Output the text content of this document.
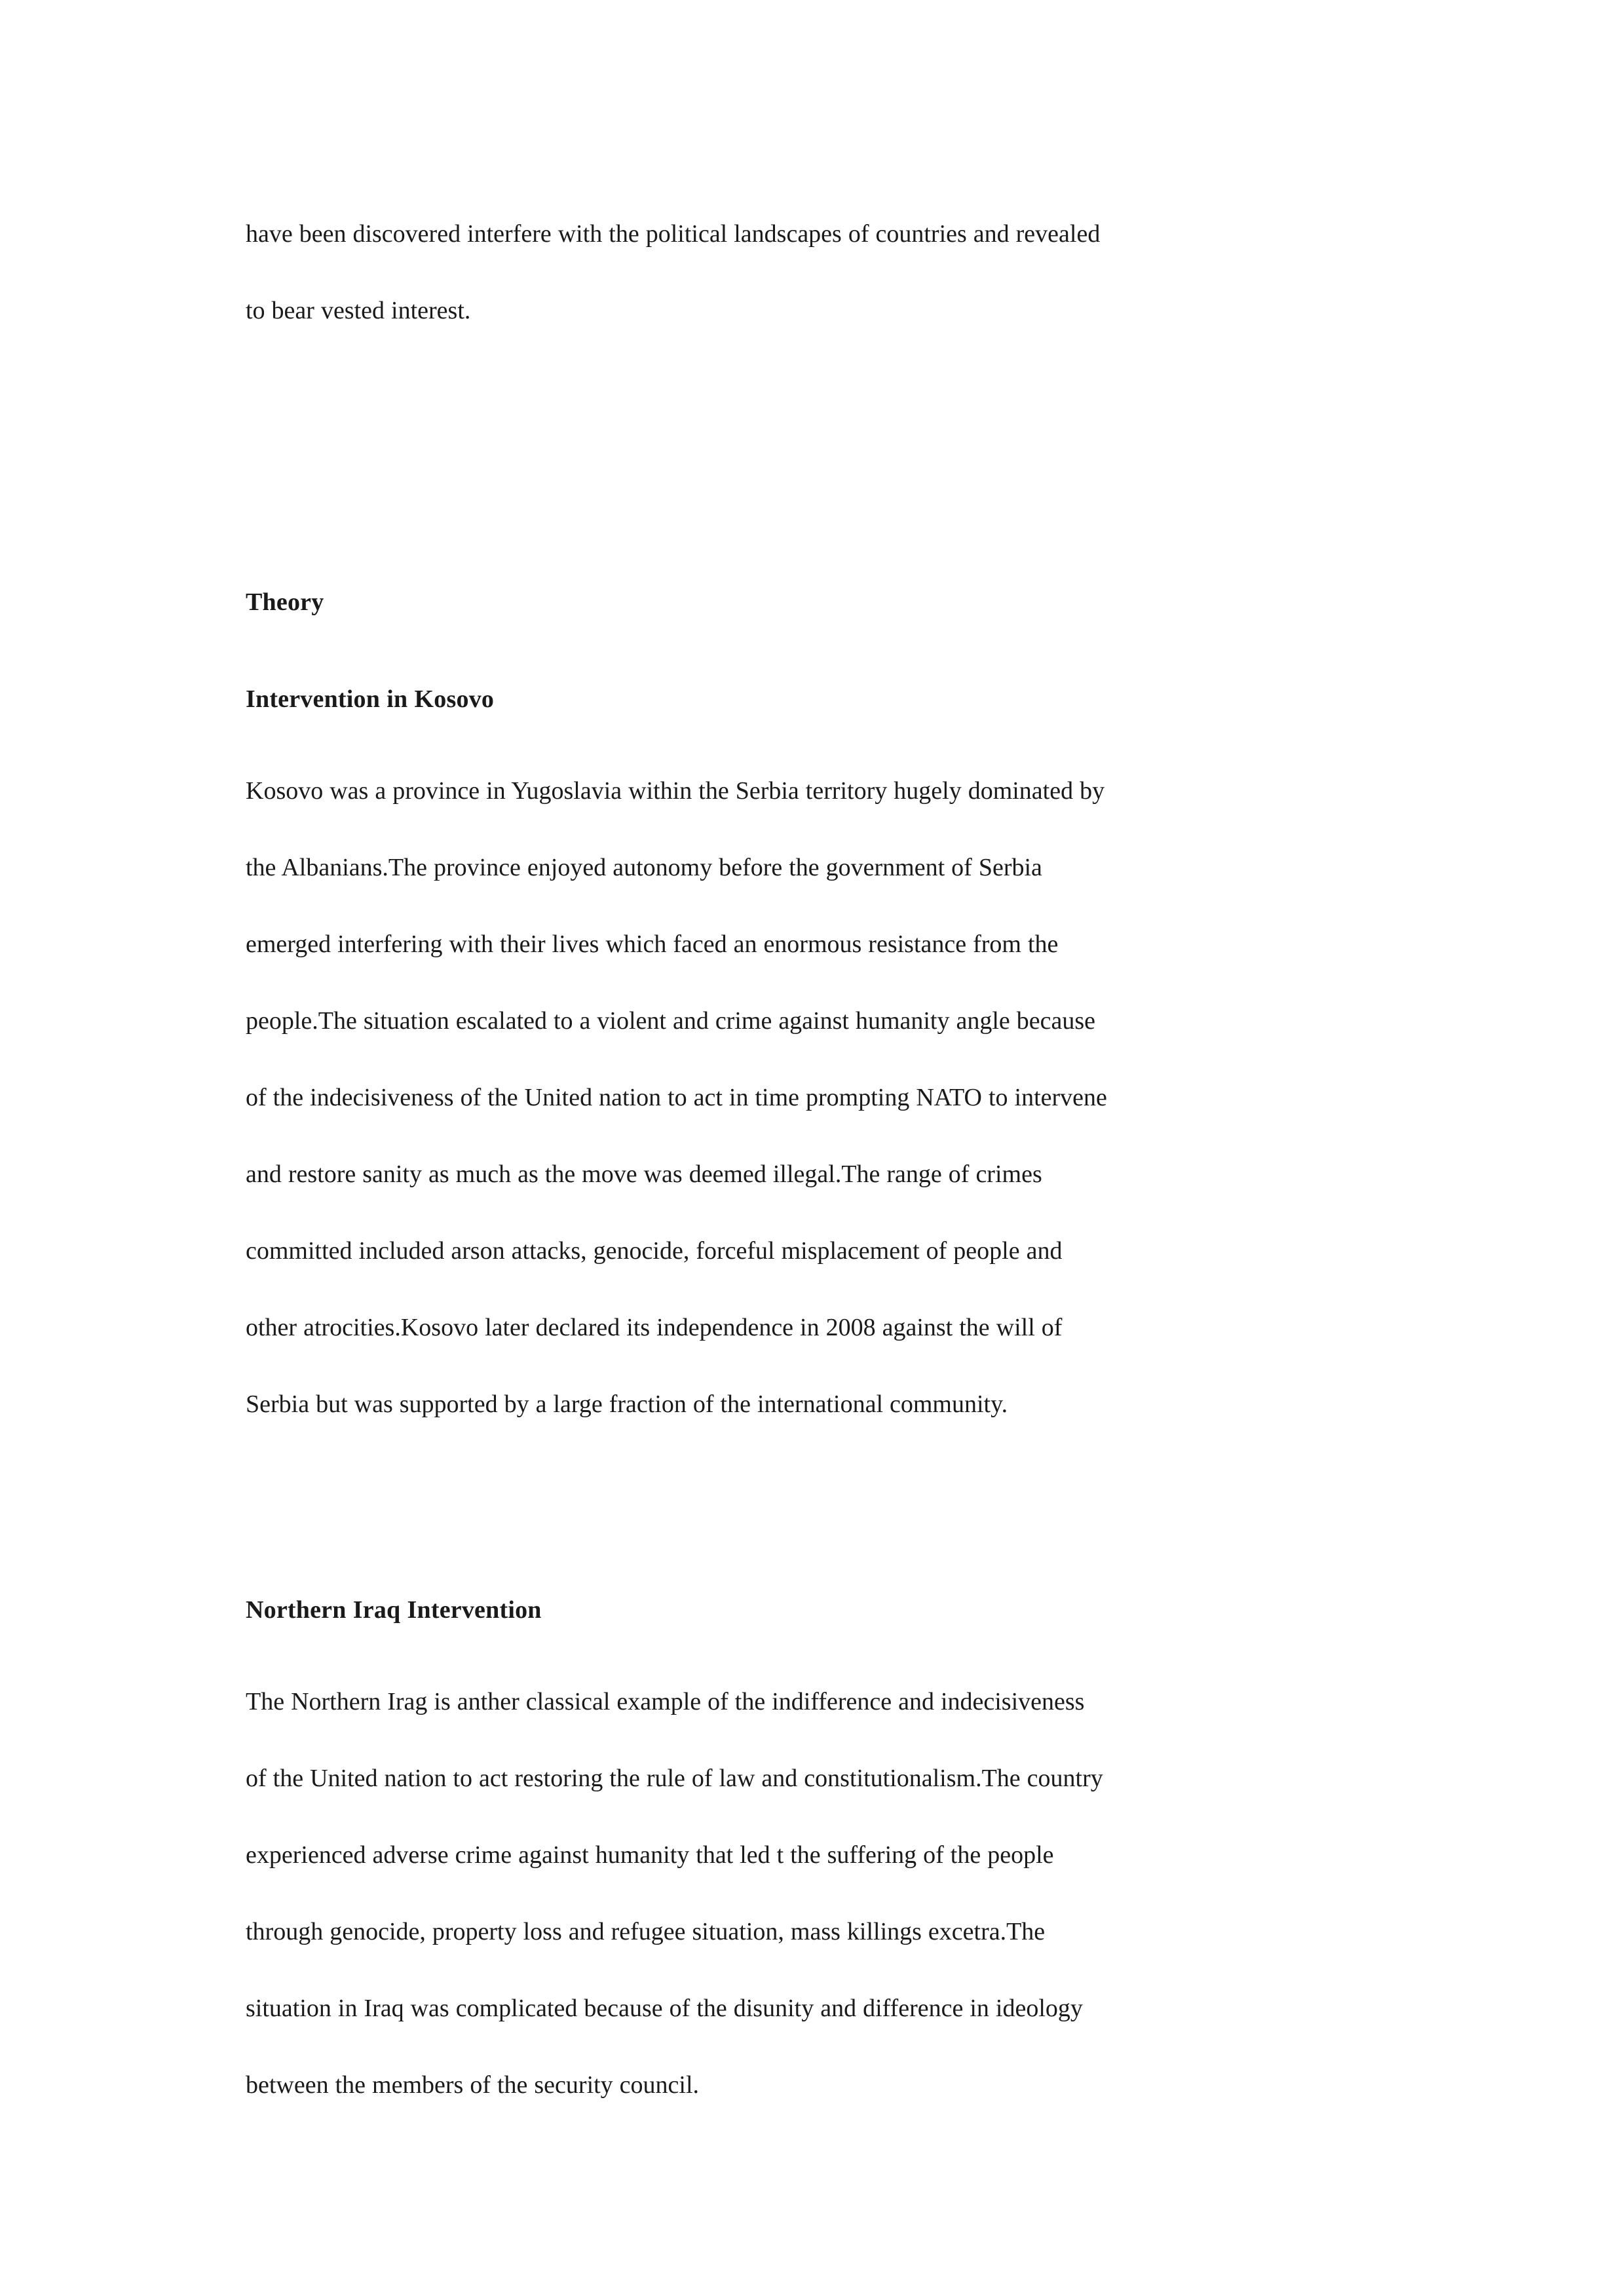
have been discovered interfere with the political landscapes of countries and revealed
to bear vested interest.

Theory
Intervention in Kosovo

Kosovo was a province in Yugoslavia within the Serbia territory hugely dominated by
the Albanians.The province enjoyed autonomy before the government of Serbia
emerged interfering with their lives which faced an enormous resistance from the
people.The situation escalated to a violent and crime against humanity angle because
of the indecisiveness of the United nation to act in time prompting NATO to intervene
and restore sanity as much as the move was deemed illegal.The range of crimes
committed included arson attacks, genocide, forceful misplacement of people and
other atrocities.Kosovo later declared its independence in 2008 against the will of
Serbia but was supported by a large fraction of the international community.

Northern Iraq Intervention

The Northern Irag is anther classical example of the indifference and indecisiveness
of the United nation to act restoring the rule of law and constitutionalism.The country
experienced adverse crime against humanity that led t the suffering of the people
through genocide, property loss and refugee situation, mass killings excetra.The
situation in Iraq was complicated because of the disunity and difference in ideology
between the members of the security council.
